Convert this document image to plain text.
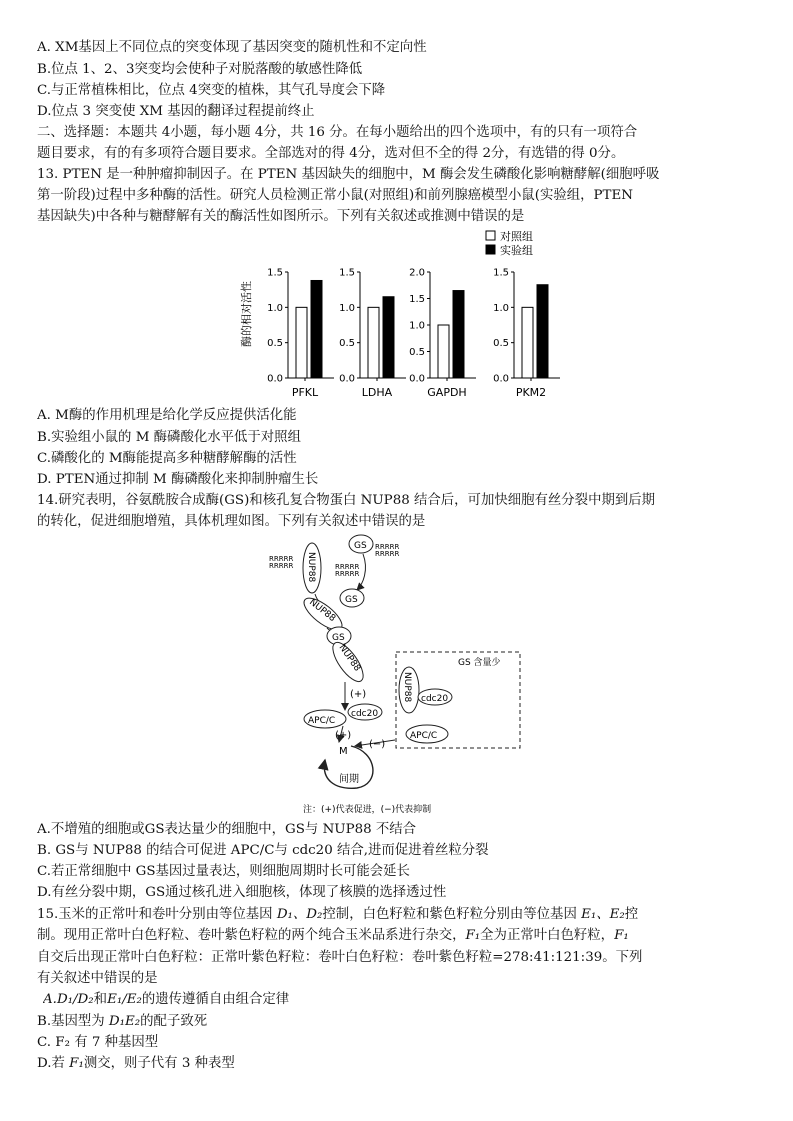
A. XM基因上不同位点的突变体现了基因突变的随机性和不定向性
B.位点 1、2、3突变均会使种子对脱落酸的敏感性降低
C.与正常植株相比，位点 4突变的植株，其气孔导度会下降
D.位点 3 突变使 XM 基因的翻译过程提前终止
二、选择题：本题共 4小题，每小题 4分，共 16 分。在每小题给出的四个选项中，有的只有一项符合
题目要求，有的有多项符合题目要求。全部选对的得 4分，选对但不全的得 2分，有选错的得 0分。
13. PTEN 是一种肿瘤抑制因子。在 PTEN 基因缺失的细胞中，M 酶会发生磷酸化影响糖酵解(细胞呼吸
第一阶段)过程中多种酶的活性。研究人员检测正常小鼠(对照组)和前列腺癌模型小鼠(实验组，PTEN
基因缺失)中各种与糖酵解有关的酶活性如图所示。下列有关叙述或推测中错误的是
酶的相对活性
对照组
实验组
0.0
0.5
1.0
1.5
PFKL
0.0
0.5
1.0
1.5
LDHA
0.0
0.5
1.0
1.5
2.0
GAPDH
0.0
0.5
1.0
1.5
PKM2
A. M酶的作用机理是给化学反应提供活化能
B.实验组小鼠的 M 酶磷酸化水平低于对照组
C.磷酸化的 M酶能提高多种糖酵解酶的活性
D. PTEN通过抑制 M 酶磷酸化来抑制肿瘤生长
14.研究表明，谷氨酰胺合成酶(GS)和核孔复合物蛋白 NUP88 结合后，可加快细胞有丝分裂中期到后期
的转化，促进细胞增殖，具体机理如图。下列有关叙述中错误的是
RRRRR
RRRRR	RRRRR
RRRRR
RRRRR
RRRRR
NUP88
GS
GS
NUP88
GS
NUP88
(+)
APC/C
cdc20
(+)
M
间期
GS 含量少
NUP88 cdc20
APC/C
(−)
注：(+)代表促进，(−)代表抑制
A.不增殖的细胞或GS表达量少的细胞中，GS与 NUP88 不结合
B. GS与 NUP88 的结合可促进 APC/C与 cdc20 结合,进而促进着丝粒分裂
C.若正常细胞中 GS基因过量表达，则细胞周期时长可能会延长
D.有丝分裂中期，GS通过核孔进入细胞核，体现了核膜的选择透过性
15.玉米的正常叶和卷叶分别由等位基因 D₁、D₂控制，白色籽粒和紫色籽粒分别由等位基因 E₁、E₂控
制。现用正常叶白色籽粒、卷叶紫色籽粒的两个纯合玉米品系进行杂交，F₁全为正常叶白色籽粒，F₁
自交后出现正常叶白色籽粒：正常叶紫色籽粒：卷叶白色籽粒：卷叶紫色籽粒=278:41:121:39。下列
有关叙述中错误的是
A.D₁/D₂和E₁/E₂的遗传遵循自由组合定律
B.基因型为 D₁E₂的配子致死
C. F₂ 有 7 种基因型
D.若 F₁测交，则子代有 3 种表型
